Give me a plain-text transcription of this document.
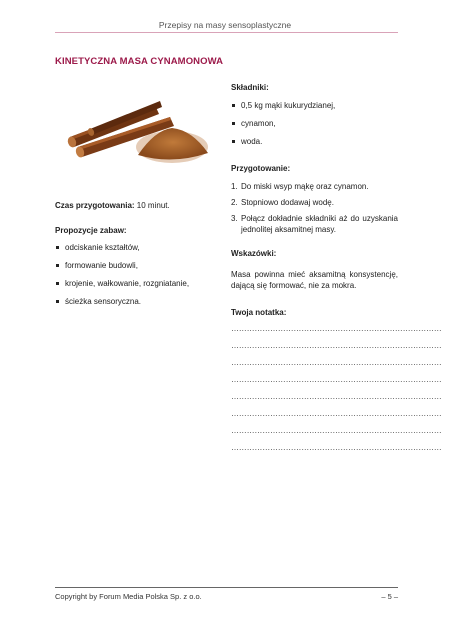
Przepisy na masy sensoplastyczne
KINETYCZNA MASA CYNAMONOWA
Czas przygotowania: 10 minut.
Propozycje zabaw:
odciskanie kształtów,
formowanie budowli,
krojenie, wałkowanie, rozgniatanie,
ścieżka sensoryczna.
Składniki:
0,5 kg mąki kukurydzianej,
cynamon,
woda.
Przygotowanie:
1. Do miski wsyp mąkę oraz cynamon.
2. Stopniowo dodawaj wodę.
3. Połącz dokładnie składniki aż do uzyskania jednolitej aksamitnej masy.
Wskazówki:
Masa powinna mieć aksamitną konsystencję, dającą się formować, nie za mokra.
Twoja notatka:
………………………………………………………………………
………………………………………………………………………
………………………………………………………………………
………………………………………………………………………
………………………………………………………………………
………………………………………………………………………
………………………………………………………………………
………………………………………………………………………
Copyright by Forum Media Polska Sp. z o.o.	– 5 –
